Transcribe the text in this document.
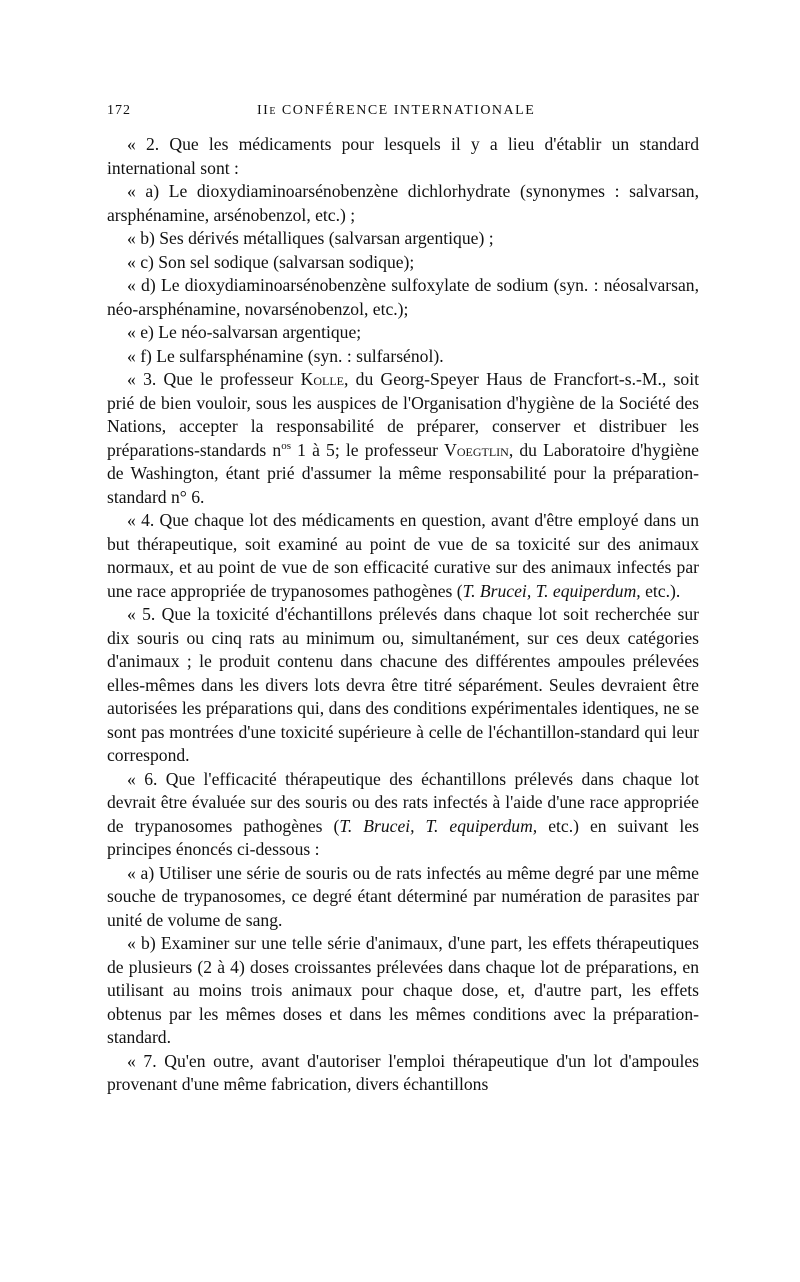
172	IIe CONFÉRENCE INTERNATIONALE

« 2. Que les médicaments pour lesquels il y a lieu d'établir un standard international sont :

« a) Le dioxydiaminoarsénobenzène dichlorhydrate (synonymes : salvarsan, arsphénamine, arsénobenzol, etc.) ;

« b) Ses dérivés métalliques (salvarsan argentique) ;

« c) Son sel sodique (salvarsan sodique);

« d) Le dioxydiaminoarsénobenzène sulfoxylate de sodium (syn. : néosalvarsan, néo-arsphénamine, novarsénobenzol, etc.);

« e) Le néo-salvarsan argentique;

« f) Le sulfarsphénamine (syn. : sulfarsénol).

« 3. Que le professeur Kolle, du Georg-Speyer Haus de Francfort-s.-M., soit prié de bien vouloir, sous les auspices de l'Organisation d'hygiène de la Société des Nations, accepter la responsabilité de préparer, conserver et distribuer les préparations-standards $n^{os}$ 1 à 5; le professeur Voegtlin, du Laboratoire d'hygiène de Washington, étant prié d'assumer la même responsabilité pour la préparation-standard n° 6.

« 4. Que chaque lot des médicaments en question, avant d'être employé dans un but thérapeutique, soit examiné au point de vue de sa toxicité sur des animaux normaux, et au point de vue de son efficacité curative sur des animaux infectés par une race appropriée de trypanosomes pathogènes (T. Brucei, T. equiperdum, etc.).

« 5. Que la toxicité d'échantillons prélevés dans chaque lot soit recherchée sur dix souris ou cinq rats au minimum ou, simultanément, sur ces deux catégories d'animaux ; le produit contenu dans chacune des différentes ampoules prélevées elles-mêmes dans les divers lots devra être titré séparément. Seules devraient être autorisées les préparations qui, dans des conditions expérimentales identiques, ne se sont pas montrées d'une toxicité supérieure à celle de l'échantillon-standard qui leur correspond.

« 6. Que l'efficacité thérapeutique des échantillons prélevés dans chaque lot devrait être évaluée sur des souris ou des rats infectés à l'aide d'une race appropriée de trypanosomes pathogènes (T. Brucei, T. equiperdum, etc.) en suivant les principes énoncés ci-dessous :

« a) Utiliser une série de souris ou de rats infectés au même degré par une même souche de trypanosomes, ce degré étant déterminé par numération de parasites par unité de volume de sang.

« b) Examiner sur une telle série d'animaux, d'une part, les effets thérapeutiques de plusieurs (2 à 4) doses croissantes prélevées dans chaque lot de préparations, en utilisant au moins trois animaux pour chaque dose, et, d'autre part, les effets obtenus par les mêmes doses et dans les mêmes conditions avec la préparation-standard.

« 7. Qu'en outre, avant d'autoriser l'emploi thérapeutique d'un lot d'ampoules provenant d'une même fabrication, divers échantillons
